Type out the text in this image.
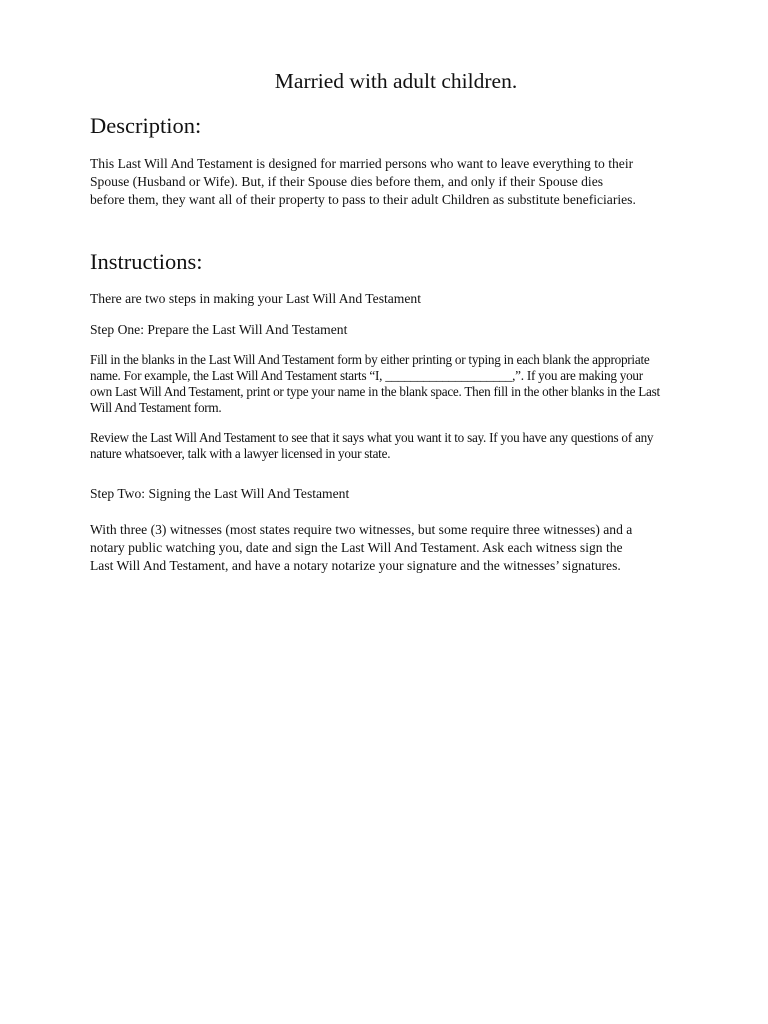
Married with adult children.
Description:

This Last Will And Testament is designed for married persons who want to leave everything to their
Spouse (Husband or Wife). But, if their Spouse dies before them, and only if their Spouse dies
before them, they want all of their property to pass to their adult Children as substitute beneficiaries.

Instructions:

There are two steps in making your Last Will And Testament

Step One: Prepare the Last Will And Testament

Fill in the blanks in the Last Will And Testament form by either printing or typing in each blank the appropriate
name. For example, the Last Will And Testament starts “I, ____________________,”. If you are making your
own Last Will And Testament, print or type your name in the blank space. Then fill in the other blanks in the Last
Will And Testament form.

Review the Last Will And Testament to see that it says what you want it to say. If you have any questions of any
nature whatsoever, talk with a lawyer licensed in your state.

Step Two: Signing the Last Will And Testament

With three (3) witnesses (most states require two witnesses, but some require three witnesses) and a
notary public watching you, date and sign the Last Will And Testament. Ask each witness sign the
Last Will And Testament, and have a notary notarize your signature and the witnesses’ signatures.
